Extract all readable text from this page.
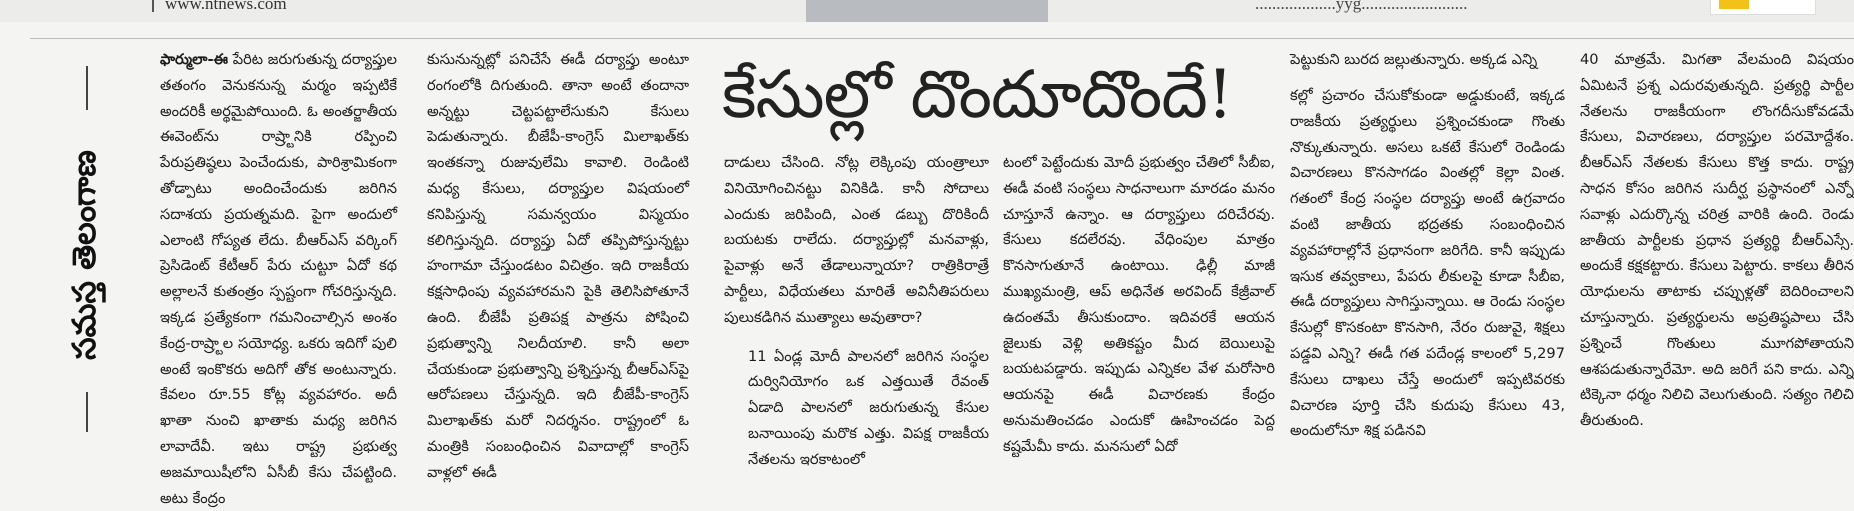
www.ntnews.com	...................yyg.........................
సమస్త తెలంగాణ
కేసుల్లో దొందూదొందే!

ఫార్ములా-ఈ పేరిట జరుగుతున్న దర్యాప్తుల తతంగం వెనుకనున్న మర్మం ఇప్పటికే అందరికీ అర్థమైపోయింది. ఓ అంతర్జాతీయ ఈవెంట్‌ను రాష్ర్టానికి రప్పించి పేరుప్రతిష్ఠలు పెంచేందుకు, పారిశ్రామికంగా తోడ్పాటు అందించేందుకు జరిగిన సదాశయ ప్రయత్నమది. పైగా అందులో ఎలాంటి గోప్యత లేదు. బీఆర్‌ఎస్ వర్కింగ్ ప్రెసిడెంట్ కేటీఆర్ పేరు చుట్టూ ఏదో కథ అల్లాలనే కుతంత్రం స్పష్టంగా గోచరిస్తున్నది. ఇక్కడ ప్రత్యేకంగా గమనించాల్సిన అంశం కేంద్ర-రాష్ర్టాల సయోధ్య. ఒకరు ఇదిగో పులి అంటే ఇంకొకరు అదిగో తోక అంటున్నారు. కేవలం రూ.55 కోట్ల వ్యవహారం. అదీ ఖాతా నుంచి ఖాతాకు మధ్య జరిగిన లావాదేవీ. ఇటు రాష్ట్ర ప్రభుత్వ అజమాయిషీలోని ఏసీబీ కేసు చేపట్టింది. అటు కేంద్రం

కుసునున్నట్లో పనిచేసే ఈడీ దర్యాప్తు అంటూ రంగంలోకి దిగుతుంది. తానా అంటే తందానా అన్నట్టు చెట్టపట్టాలేసుకుని కేసులు పెడుతున్నారు. బీజేపీ-కాంగ్రెస్ మిలాఖత్‌కు ఇంతకన్నా రుజువులేమి కావాలి. రెండింటి మధ్య కేసులు, దర్యాప్తుల విషయంలో కనిపిస్తున్న సమన్వయం విస్మయం కలిగిస్తున్నది. దర్యాప్తు ఏదో తప్పిపోస్తున్నట్టు హంగామా చేస్తుండటం విచిత్రం. ఇది రాజకీయ కక్షసాధింపు వ్యవహారమని పైకి తెలిసిపోతూనే ఉంది. బీజేపీ ప్రతిపక్ష పాత్రను పోషించి ప్రభుత్వాన్ని నిలదీయాలి. కానీ అలా చేయకుండా ప్రభుత్వాన్ని ప్రశ్నిస్తున్న బీఆర్‌ఎస్‌పై ఆరోపణలు చేస్తున్నది. ఇది బీజేపీ-కాంగ్రెస్ మిలాఖత్‌కు మరో నిదర్శనం. రాష్ట్రంలో ఓ మంత్రికి సంబంధించిన వివాదాల్లో కాంగ్రెస్ వాళ్లలో ఈడీ

దాడులు చేసింది. నోట్ల లెక్కింపు యంత్రాలూ వినియోగించినట్టు వినికిడి. కానీ సోదాలు ఎందుకు జరిపింది, ఎంత డబ్బు దొరికిందీ బయటకు రాలేదు. దర్యాప్తుల్లో మనవాళ్లు, పైవాళ్లు అనే తేడాలున్నాయా? రాత్రికిరాత్రే పార్టీలు, విధేయతలు మారితే అవినీతిపరులు పులుకడిగిన ముత్యాలు అవుతారా?

11 ఏండ్ల మోదీ పాలనలో జరిగిన సంస్థల దుర్వినియోగం ఒక ఎత్తయితే రేవంత్ ఏడాది పాలనలో జరుగుతున్న కేసుల బనాయింపు మరొక ఎత్తు. విపక్ష రాజకీయ నేతలను ఇరకాటంలో

టంలో పెట్టేందుకు మోదీ ప్రభుత్వం చేతిలో సీబీఐ, ఈడీ వంటి సంస్థలు సాధనాలుగా మారడం మనం చూస్తూనే ఉన్నాం. ఆ దర్యాప్తులు దరిచేరవు. కేసులు కదలేరవు. వేధింపుల మాత్రం కొనసాగుతూనే ఉంటాయి. ఢిల్లీ మాజీ ముఖ్యమంత్రి, ఆప్ అధినేత అరవింద్ కేజ్రీవాల్ ఉదంతమే తీసుకుందాం. ఇదివరకే ఆయన జైలుకు వెళ్లి అతికష్టం మీద బెయిలుపై బయటపడ్డారు. ఇప్పుడు ఎన్నికల వేళ మరోసారి ఆయనపై ఈడీ విచారణకు కేంద్రం అనుమతించడం ఎందుకో ఊహించడం పెద్ద కష్టమేమీ కాదు. మనసులో ఏదో

పెట్టుకుని బురద జల్లుతున్నారు. అక్కడ ఎన్ని

కల్లో ప్రచారం చేసుకోకుండా అడ్డుకుంటే, ఇక్కడ రాజకీయ ప్రత్యర్థులు ప్రశ్నించకుండా గొంతు నొక్కుతున్నారు. అసలు ఒకటే కేసులో రెండిండు విచారణలు కొనసాగడం వింతల్లో కెల్లా వింత. గతంలో కేంద్ర సంస్థల దర్యాప్తు అంటే ఉగ్రవాదం వంటి జాతీయ భద్రతకు సంబంధించిన వ్యవహారాల్లోనే ప్రధానంగా జరిగేది. కానీ ఇప్పుడు ఇసుక తవ్వకాలు, పేపరు లీకులపై కూడా సీబీఐ, ఈడీ దర్యాప్తులు సాగిస్తున్నాయి. ఆ రెండు సంస్థల కేసుల్లో కొసకంటా కొనసాగి, నేరం రుజువై, శిక్షలు పడ్డవి ఎన్ని? ఈడీ గత పదేండ్ల కాలంలో 5,297 కేసులు దాఖలు చేస్తే అందులో ఇప్పటివరకు విచారణ పూర్తి చేసి కుదుపు కేసులు 43, అందులోనూ శిక్ష పడినవి

40 మాత్రమే. మిగతా వేలమంది విషయం ఏమిటనే ప్రశ్న ఎదురవుతున్నది. ప్రత్యర్థి పార్టీల నేతలను రాజకీయంగా లొంగదీసుకోవడమే కేసులు, విచారణలు, దర్యాప్తుల పరమోద్దేశం. బీఆర్‌ఎస్ నేతలకు కేసులు కొత్త కాదు. రాష్ట్ర సాధన కోసం జరిగిన సుదీర్ఘ ప్రస్థానంలో ఎన్నో సవాళ్లు ఎదుర్కొన్న చరిత్ర వారికి ఉంది. రెండు జాతీయ పార్టీలకు ప్రధాన ప్రత్యర్థి బీఆర్‌ఎస్సే. అందుకే కక్షకట్టారు. కేసులు పెట్టారు. కాకలు తీరిన యోధులను తాటాకు చప్పుళ్లతో బెదిరించాలని చూస్తున్నారు. ప్రత్యర్థులను అప్రతిష్ఠపాలు చేసి ప్రశ్నించే గొంతులు మూగపోతాయని ఆశపడుతున్నారేమో. అది జరిగే పని కాదు. ఎన్ని టిక్కెనా ధర్మం నిలిచి వెలుగుతుంది. సత్యం గెలిచి తీరుతుంది.
